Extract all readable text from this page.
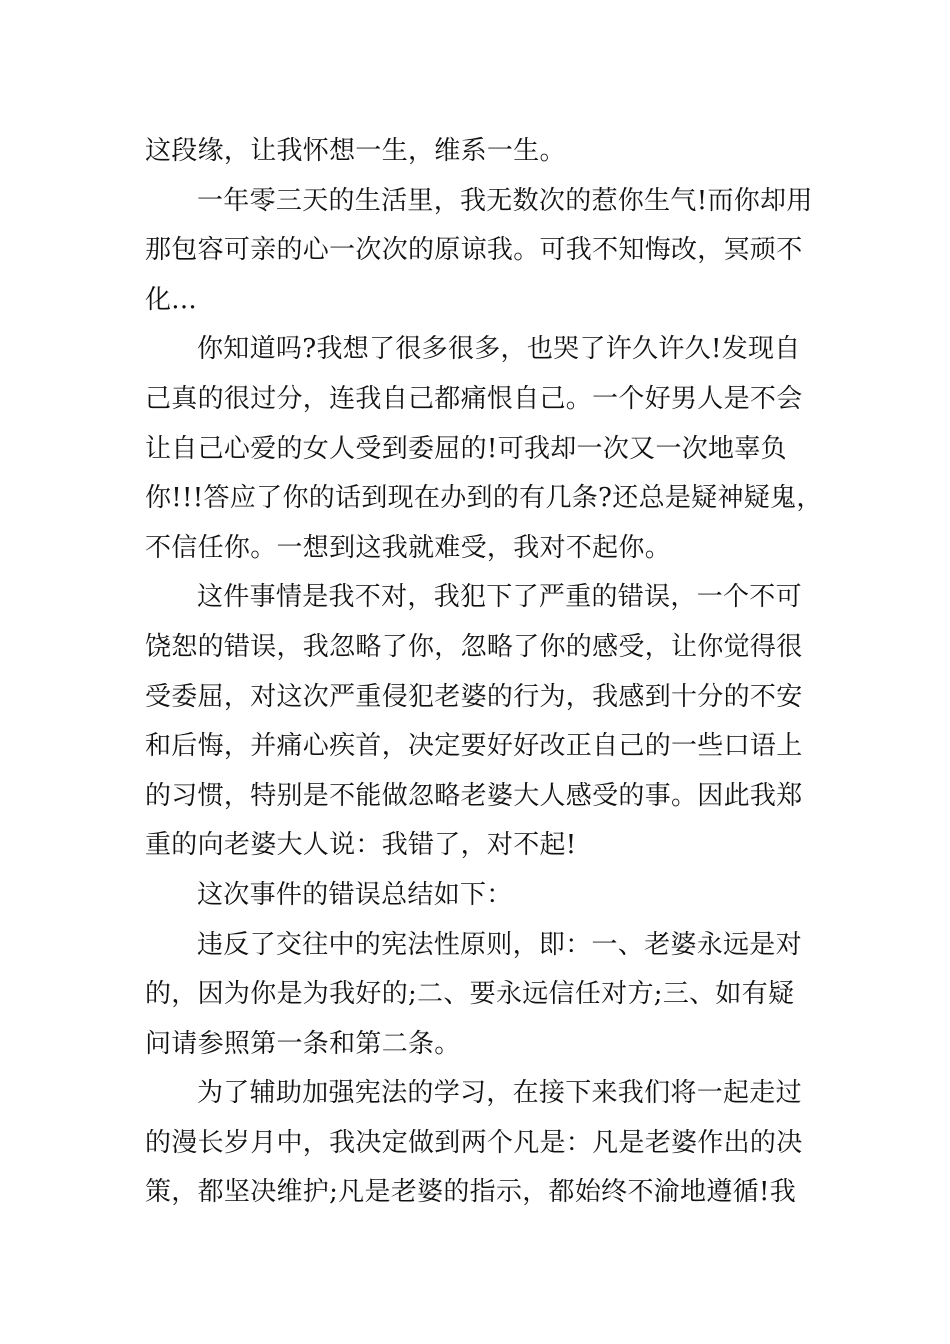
这段缘，让我怀想一生，维系一生。
一年零三天的生活里，我无数次的惹你生气!而你却用
那包容可亲的心一次次的原谅我。可我不知悔改，冥顽不
化...
你知道吗?我想了很多很多，也哭了许久许久!发现自
己真的很过分，连我自己都痛恨自己。一个好男人是不会
让自己心爱的女人受到委屈的!可我却一次又一次地辜负
你!!!答应了你的话到现在办到的有几条?还总是疑神疑鬼，
不信任你。一想到这我就难受，我对不起你。
这件事情是我不对，我犯下了严重的错误，一个不可
饶恕的错误，我忽略了你，忽略了你的感受，让你觉得很
受委屈，对这次严重侵犯老婆的行为，我感到十分的不安
和后悔，并痛心疾首，决定要好好改正自己的一些口语上
的习惯，特别是不能做忽略老婆大人感受的事。因此我郑
重的向老婆大人说：我错了，对不起!
这次事件的错误总结如下：
违反了交往中的宪法性原则，即：一、老婆永远是对
的，因为你是为我好的;二、要永远信任对方;三、如有疑
问请参照第一条和第二条。
为了辅助加强宪法的学习，在接下来我们将一起走过
的漫长岁月中，我决定做到两个凡是：凡是老婆作出的决
策，都坚决维护;凡是老婆的指示，都始终不渝地遵循!我
